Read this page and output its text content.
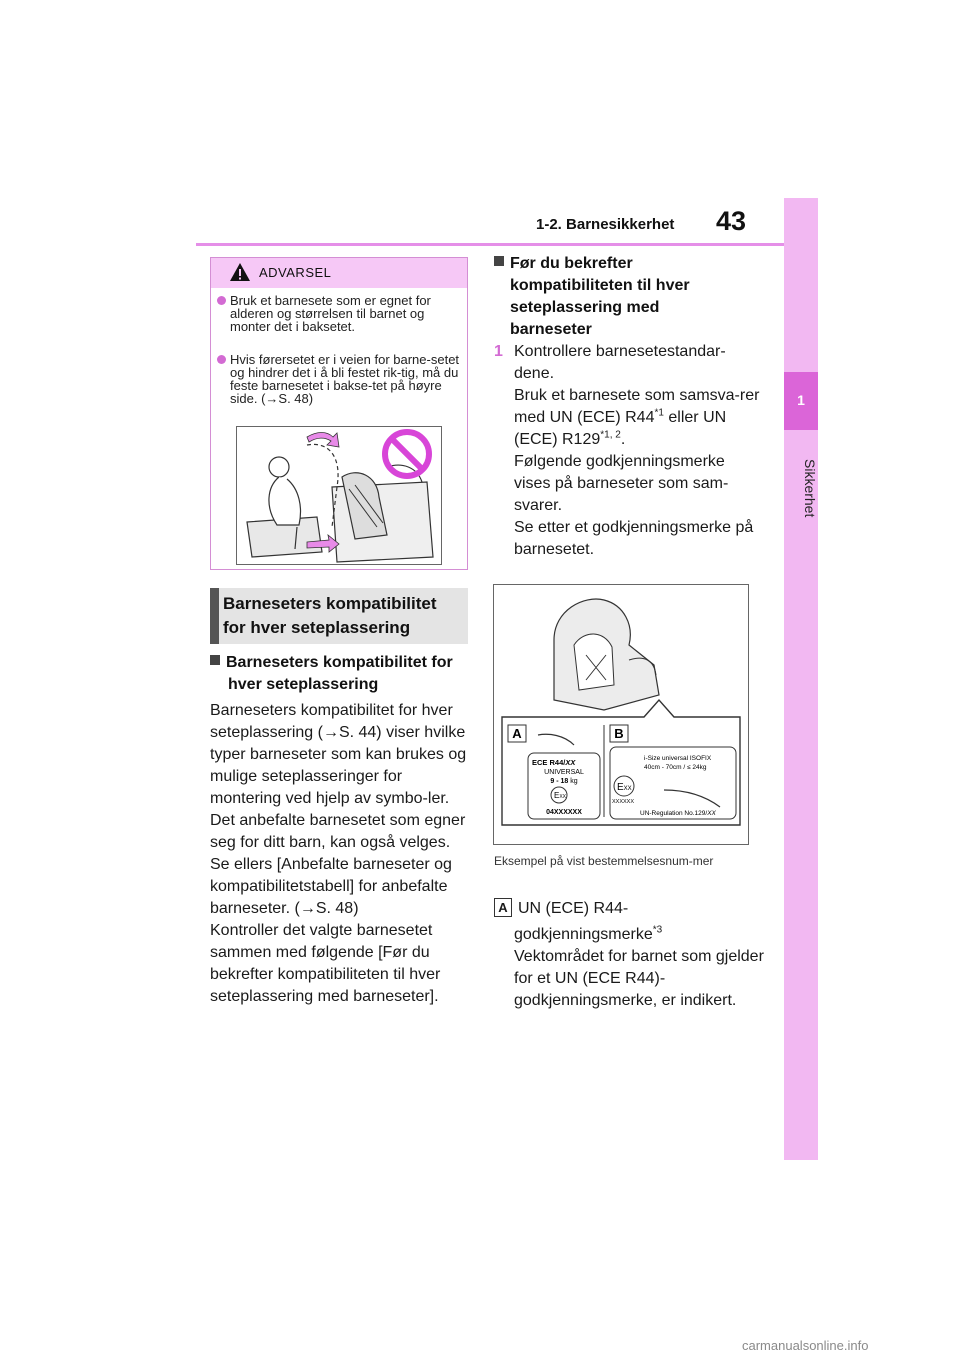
43
1-2. Barnesikkerhet
1
Sikkerhet
ADVARSEL
Bruk et barnesete som er egnet for alderen og størrelsen til barnet og monter det i baksetet.
Hvis førersetet er i veien for barne-setet og hindrer det i å bli festet rik-tig, må du feste barnesetet i bakse-tet på høyre side. (→S. 48)
Barneseters kompatibilitet
for hver seteplassering
Barneseters kompatibilitet for
hver seteplassering

Barneseters kompatibilitet for hver seteplassering (→S. 44) viser hvilke typer barneseter som kan brukes og mulige seteplasseringer for montering ved hjelp av symbo-ler.

Det anbefalte barnesetet som egner seg for ditt barn, kan også velges.

Se ellers [Anbefalte barneseter og kompatibilitetstabell] for anbefalte barneseter. (→S. 48)

Kontroller det valgte barnesetet sammen med følgende [Før du bekrefter kompatibiliteten til hver seteplassering med barneseter].

Før du bekrefter
kompatibiliteten til hver
seteplassering med
barneseter
1 Kontrollere barnesetestandar-dene.
Bruk et barnesete som samsva-rer med UN (ECE) R44$^{*1}$ eller UN (ECE) R129$^{*1, 2}$.
Følgende godkjenningsmerke vises på barneseter som sam-svarer.
Se etter et godkjenningsmerke på barnesetet.
A	B
ECE R44/XX
UNIVERSAL
9 - 18 kg
EXX
04XXXXXX
i-Size universal ISOFIX
40cm - 70cm / ≤ 24kg
EXX
XXXXXX
UN-Regulation No.129/XX
Eksempel på vist bestemmelsesnum-mer
A UN (ECE) R44-
godkjenningsmerke$^{*3}$
Vektområdet for barnet som gjelder for et UN (ECE R44)-godkjenningsmerke, er indikert.
carmanualsonline.info
